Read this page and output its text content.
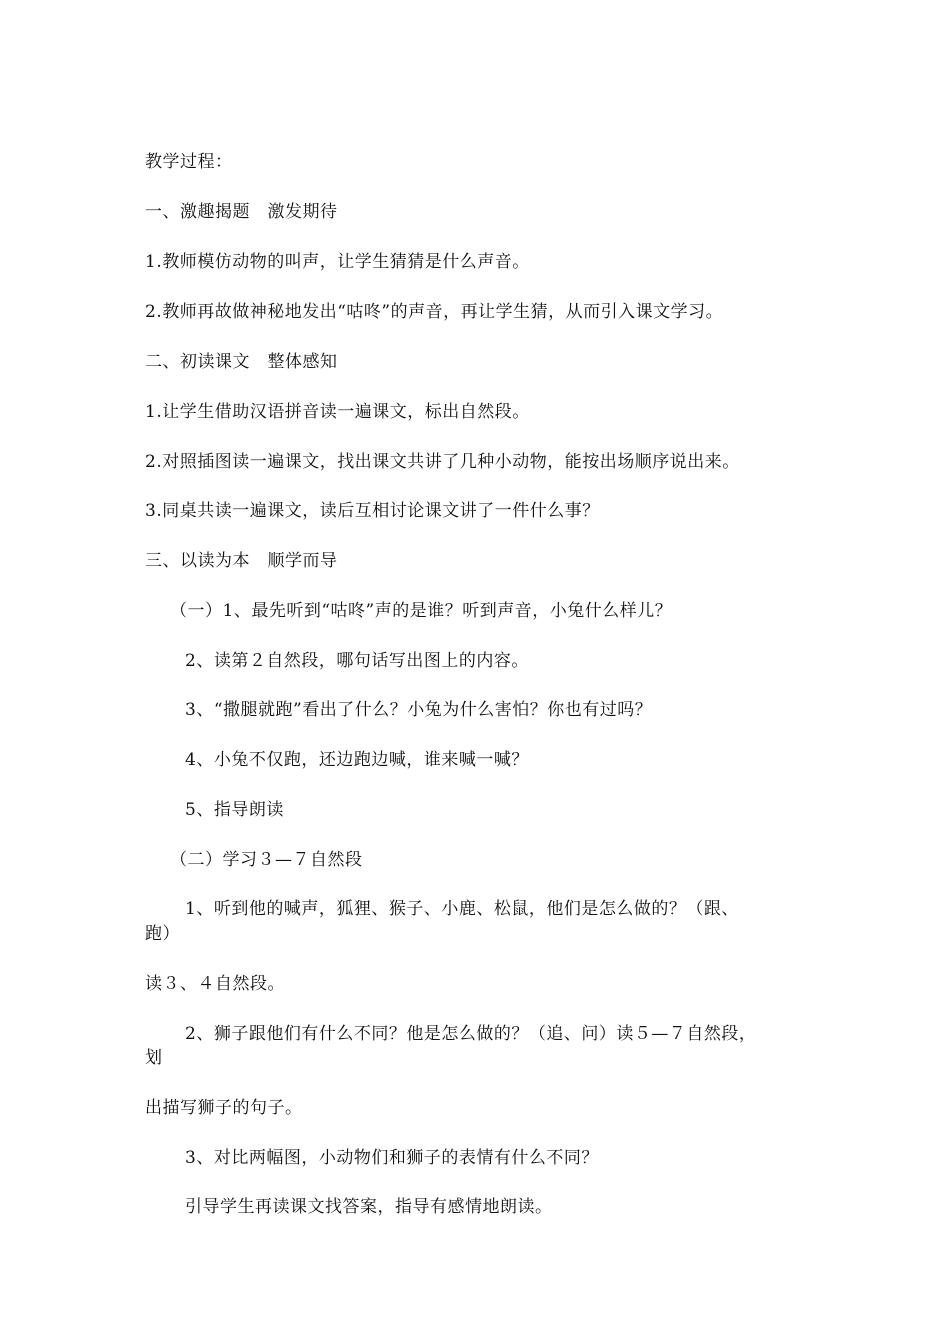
教学过程：
一、激趣揭题　激发期待
1.教师模仿动物的叫声，让学生猜猜是什么声音。
2.教师再故做神秘地发出“咕咚”的声音，再让学生猜，从而引入课文学习。
二、初读课文　整体感知
1.让学生借助汉语拼音读一遍课文，标出自然段。
2.对照插图读一遍课文，找出课文共讲了几种小动物，能按出场顺序说出来。
3.同桌共读一遍课文，读后互相讨论课文讲了一件什么事？
三、以读为本　顺学而导
（一）1、最先听到“咕咚”声的是谁？听到声音，小兔什么样儿？
2、读第２自然段，哪句话写出图上的内容。
3、“撒腿就跑”看出了什么？小兔为什么害怕？你也有过吗？
4、小兔不仅跑，还边跑边喊，谁来喊一喊？
5、指导朗读
（二）学习３—７自然段
1、听到他的喊声，狐狸、猴子、小鹿、松鼠，他们是怎么做的？（跟、
跑）
读３、４自然段。
2、狮子跟他们有什么不同？他是怎么做的？（追、问）读５—７自然段，
划
出描写狮子的句子。
3、对比两幅图，小动物们和狮子的表情有什么不同？
引导学生再读课文找答案，指导有感情地朗读。
